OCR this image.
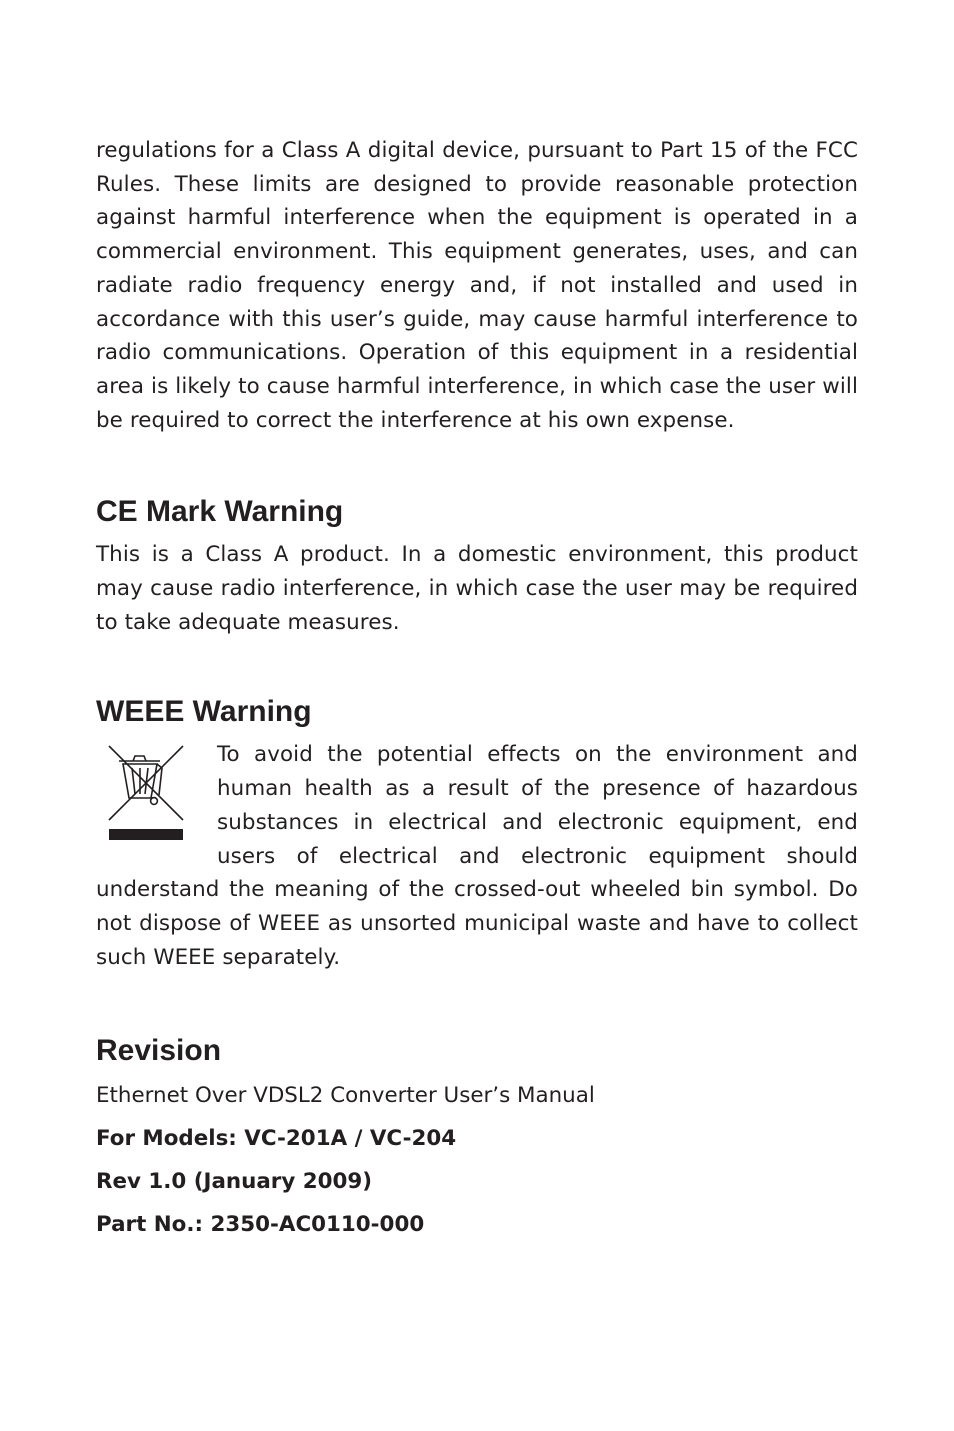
regulations for a Class A digital device, pursuant to Part 15 of the FCC Rules. These limits are designed to provide reasonable protection against harmful interference when the equipment is operated in a commercial environment. This equipment generates, uses, and can radiate radio frequency energy and, if not installed and used in accordance with this user’s guide, may cause harmful interference to radio communications. Operation of this equipment in a residential area is likely to cause harmful interference, in which case the user will be required to correct the interference at his own expense.

CE Mark Warning

This is a Class A product. In a domestic environment, this product may cause radio interference, in which case the user may be required to take adequate measures.

WEEE Warning

To avoid the potential effects on the environment and human health as a result of the presence of hazardous substances in electrical and electronic equipment, end users of electrical and electronic equipment should understand the meaning of the crossed-out wheeled bin symbol. Do not dispose of WEEE as unsorted municipal waste and have to collect such WEEE separately.

Revision

Ethernet Over VDSL2 Converter User’s Manual

For Models: VC-201A / VC-204

Rev 1.0 (January 2009)

Part No.: 2350-AC0110-000
